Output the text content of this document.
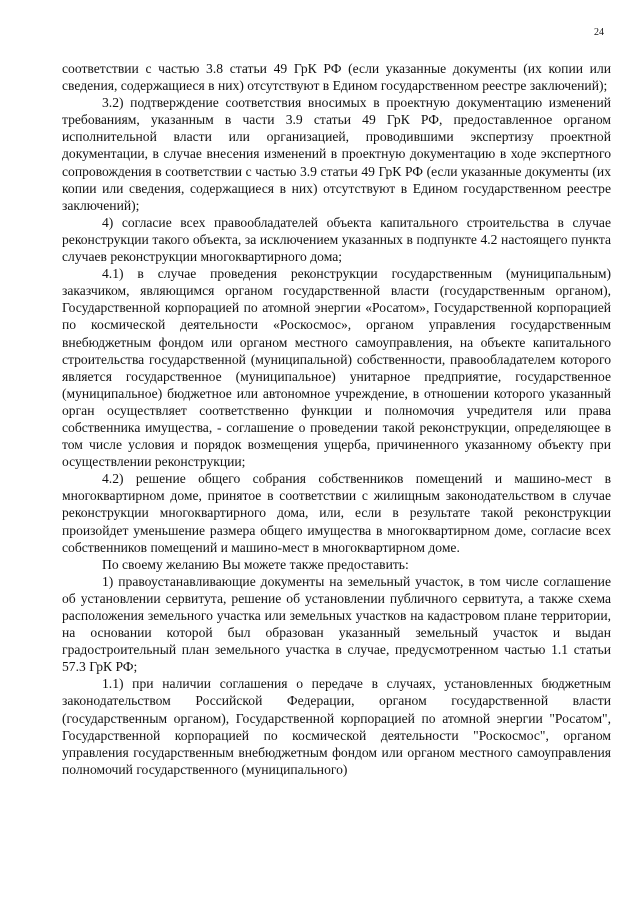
24

соответствии с частью 3.8 статьи 49 ГрК РФ (если указанные документы (их копии или сведения, содержащиеся в них) отсутствуют в Едином государственном реестре заключений);

3.2) подтверждение соответствия вносимых в проектную документацию изменений требованиям, указанным в части 3.9 статьи 49 ГрК РФ, предоставленное органом исполнительной власти или организацией, проводившими экспертизу проектной документации, в случае внесения изменений в проектную документацию в ходе экспертного сопровождения в соответствии с частью 3.9 статьи 49 ГрК РФ (если указанные документы (их копии или сведения, содержащиеся в них) отсутствуют в Едином государственном реестре заключений);

4) согласие всех правообладателей объекта капитального строительства в случае реконструкции такого объекта, за исключением указанных в подпункте 4.2 настоящего пункта случаев реконструкции многоквартирного дома;

4.1) в случае проведения реконструкции государственным (муниципальным) заказчиком, являющимся органом государственной власти (государственным органом), Государственной корпорацией по атомной энергии «Росатом», Государственной корпорацией по космической деятельности «Роскосмос», органом управления государственным внебюджетным фондом или органом местного самоуправления, на объекте капитального строительства государственной (муниципальной) собственности, правообладателем которого является государственное (муниципальное) унитарное предприятие, государственное (муниципальное) бюджетное или автономное учреждение, в отношении которого указанный орган осуществляет соответственно функции и полномочия учредителя или права собственника имущества, - соглашение о проведении такой реконструкции, определяющее в том числе условия и порядок возмещения ущерба, причиненного указанному объекту при осуществлении реконструкции;

4.2) решение общего собрания собственников помещений и машино-мест в многоквартирном доме, принятое в соответствии с жилищным законодательством в случае реконструкции многоквартирного дома, или, если в результате такой реконструкции произойдет уменьшение размера общего имущества в многоквартирном доме, согласие всех собственников помещений и машино-мест в многоквартирном доме.

По своему желанию Вы можете также предоставить:

1) правоустанавливающие документы на земельный участок, в том числе соглашение об установлении сервитута, решение об установлении публичного сервитута, а также схема расположения земельного участка или земельных участков на кадастровом плане территории, на основании которой был образован указанный земельный участок и выдан градостроительный план земельного участка в случае, предусмотренном частью 1.1 статьи 57.3 ГрК РФ;

1.1) при наличии соглашения о передаче в случаях, установленных бюджетным законодательством Российской Федерации, органом государственной власти (государственным органом), Государственной корпорацией по атомной энергии "Росатом", Государственной корпорацией по космической деятельности "Роскосмос", органом управления государственным внебюджетным фондом или органом местного самоуправления полномочий государственного (муниципального)
